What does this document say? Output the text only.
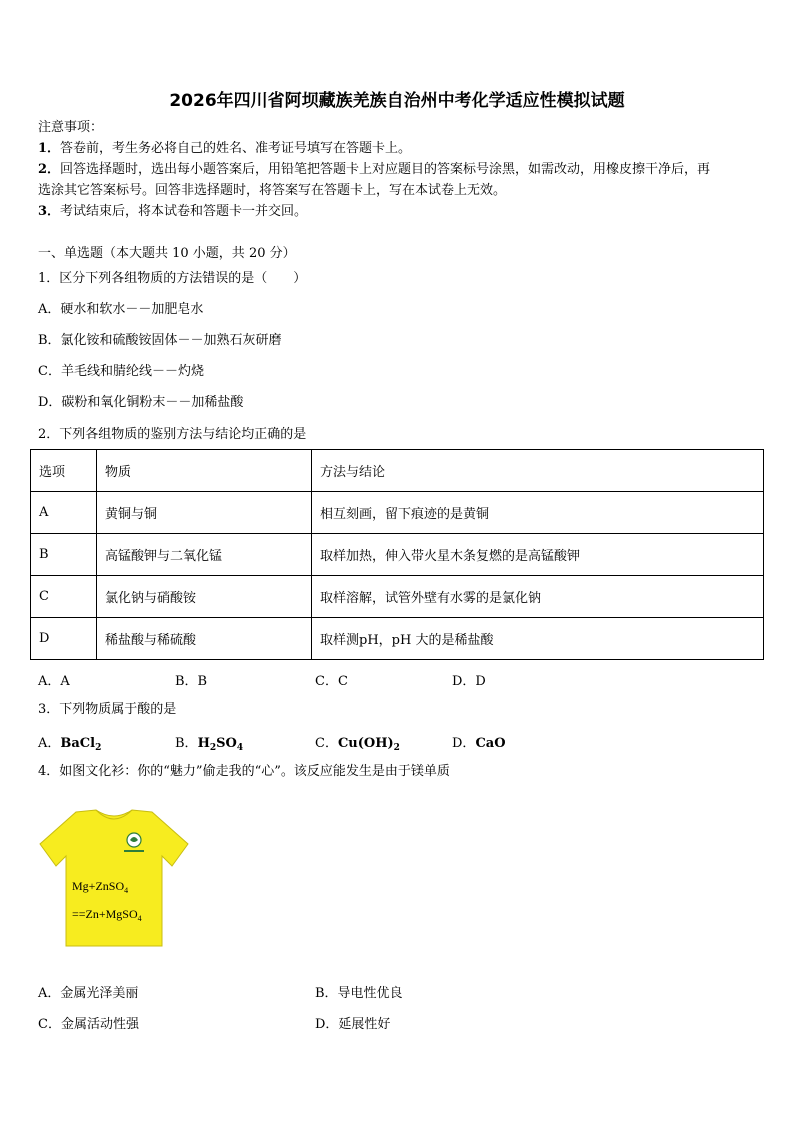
2026年四川省阿坝藏族羌族自治州中考化学适应性模拟试题
注意事项：
1．答卷前，考生务必将自己的姓名、准考证号填写在答题卡上。
2．回答选择题时，选出每小题答案后，用铅笔把答题卡上对应题目的答案标号涂黑，如需改动，用橡皮擦干净后，再
选涂其它答案标号。回答非选择题时，将答案写在答题卡上，写在本试卷上无效。
3．考试结束后，将本试卷和答题卡一并交回。
一、单选题（本大题共 10 小题，共 20 分）
1．区分下列各组物质的方法错误的是（　　）
A．硬水和软水－－加肥皂水
B．氯化铵和硫酸铵固体－－加熟石灰研磨
C．羊毛线和腈纶线－－灼烧
D．碳粉和氧化铜粉末－－加稀盐酸
2．下列各组物质的鉴别方法与结论均正确的是
选项	物质	方法与结论
A	黄铜与铜	相互刻画，留下痕迹的是黄铜
B	高锰酸钾与二氧化锰	取样加热，伸入带火星木条复燃的是高锰酸钾
C	氯化钠与硝酸铵	取样溶解，试管外壁有水雾的是氯化钠
D	稀盐酸与稀硫酸	取样测pH，pH 大的是稀盐酸
A．A	B．B	C．C	D．D
3．下列物质属于酸的是
A．BaCl$_2$	B．$H_2SO_4$	C．$Cu(OH)_2$	D．CaO
4．如图文化衫：你的“魅力”偷走我的“心”。该反应能发生是由于镁单质
Mg+ZnSO$_4$
==Zn+MgSO$_4$
A．金属光泽美丽	B．导电性优良
C．金属活动性强	D．延展性好
